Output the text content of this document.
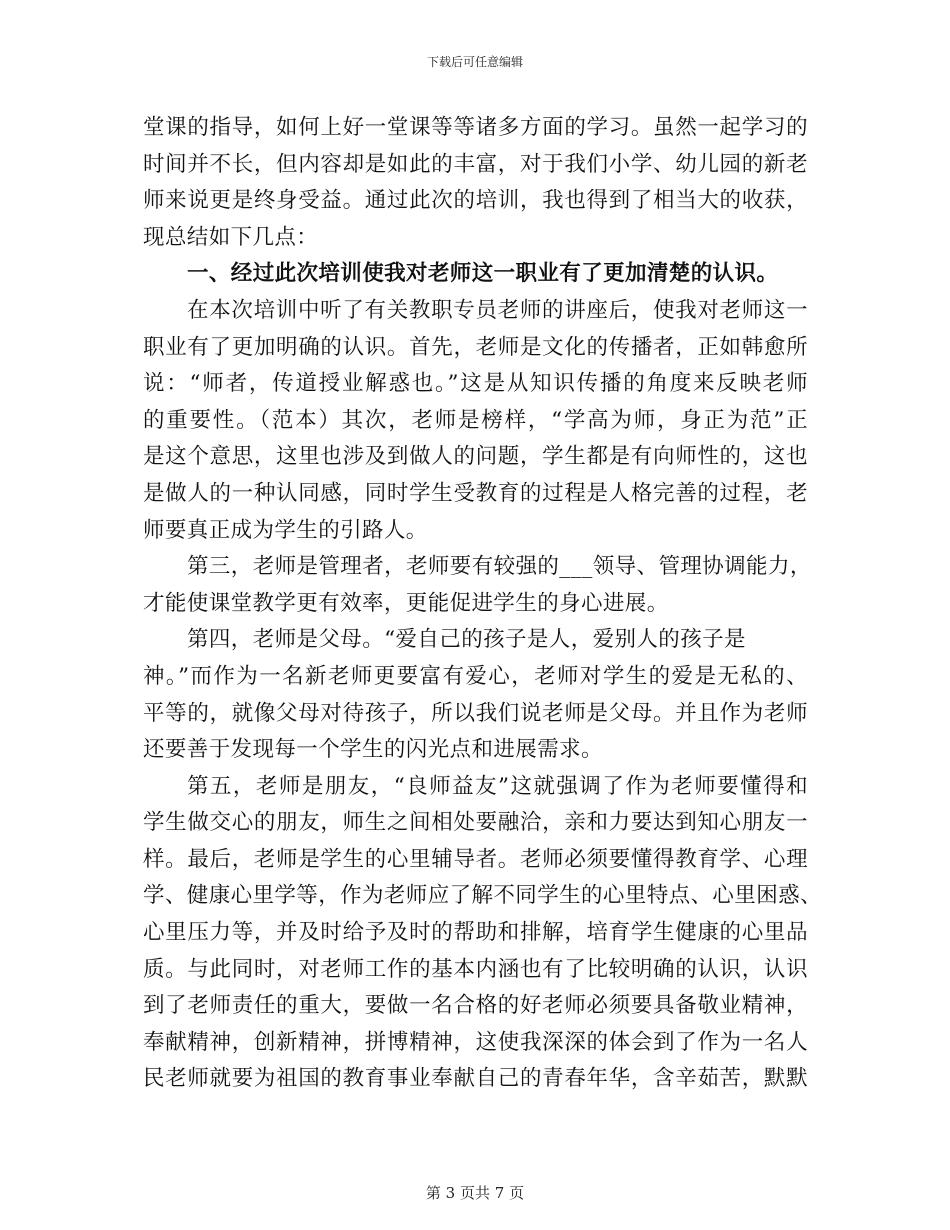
下载后可任意编辑
堂课的指导，如何上好一堂课等等诸多方面的学习。虽然一起学习的
时间并不长，但内容却是如此的丰富，对于我们小学、幼儿园的新老
师来说更是终身受益。通过此次的培训，我也得到了相当大的收获，
现总结如下几点：
一、经过此次培训使我对老师这一职业有了更加清楚的认识。
在本次培训中听了有关教职专员老师的讲座后，使我对老师这一
职业有了更加明确的认识。首先，老师是文化的传播者，正如韩愈所
说：“师者，传道授业解惑也。”这是从知识传播的角度来反映老师
的重要性。（范本）其次，老师是榜样，“学高为师，身正为范”正
是这个意思，这里也涉及到做人的问题，学生都是有向师性的，这也
是做人的一种认同感，同时学生受教育的过程是人格完善的过程，老
师要真正成为学生的引路人。
第三，老师是管理者，老师要有较强的___领导、管理协调能力，
才能使课堂教学更有效率，更能促进学生的身心进展。
第四，老师是父母。“爱自己的孩子是人，爱别人的孩子是
神。”而作为一名新老师更要富有爱心，老师对学生的爱是无私的、
平等的，就像父母对待孩子，所以我们说老师是父母。并且作为老师
还要善于发现每一个学生的闪光点和进展需求。
第五，老师是朋友，“良师益友”这就强调了作为老师要懂得和
学生做交心的朋友，师生之间相处要融洽，亲和力要达到知心朋友一
样。最后，老师是学生的心里辅导者。老师必须要懂得教育学、心理
学、健康心里学等，作为老师应了解不同学生的心里特点、心里困惑、
心里压力等，并及时给予及时的帮助和排解，培育学生健康的心里品
质。与此同时，对老师工作的基本内涵也有了比较明确的认识，认识
到了老师责任的重大，要做一名合格的好老师必须要具备敬业精神，
奉献精神，创新精神，拼博精神，这使我深深的体会到了作为一名人
民老师就要为祖国的教育事业奉献自己的青春年华，含辛茹苦，默默
第 3 页共 7 页
